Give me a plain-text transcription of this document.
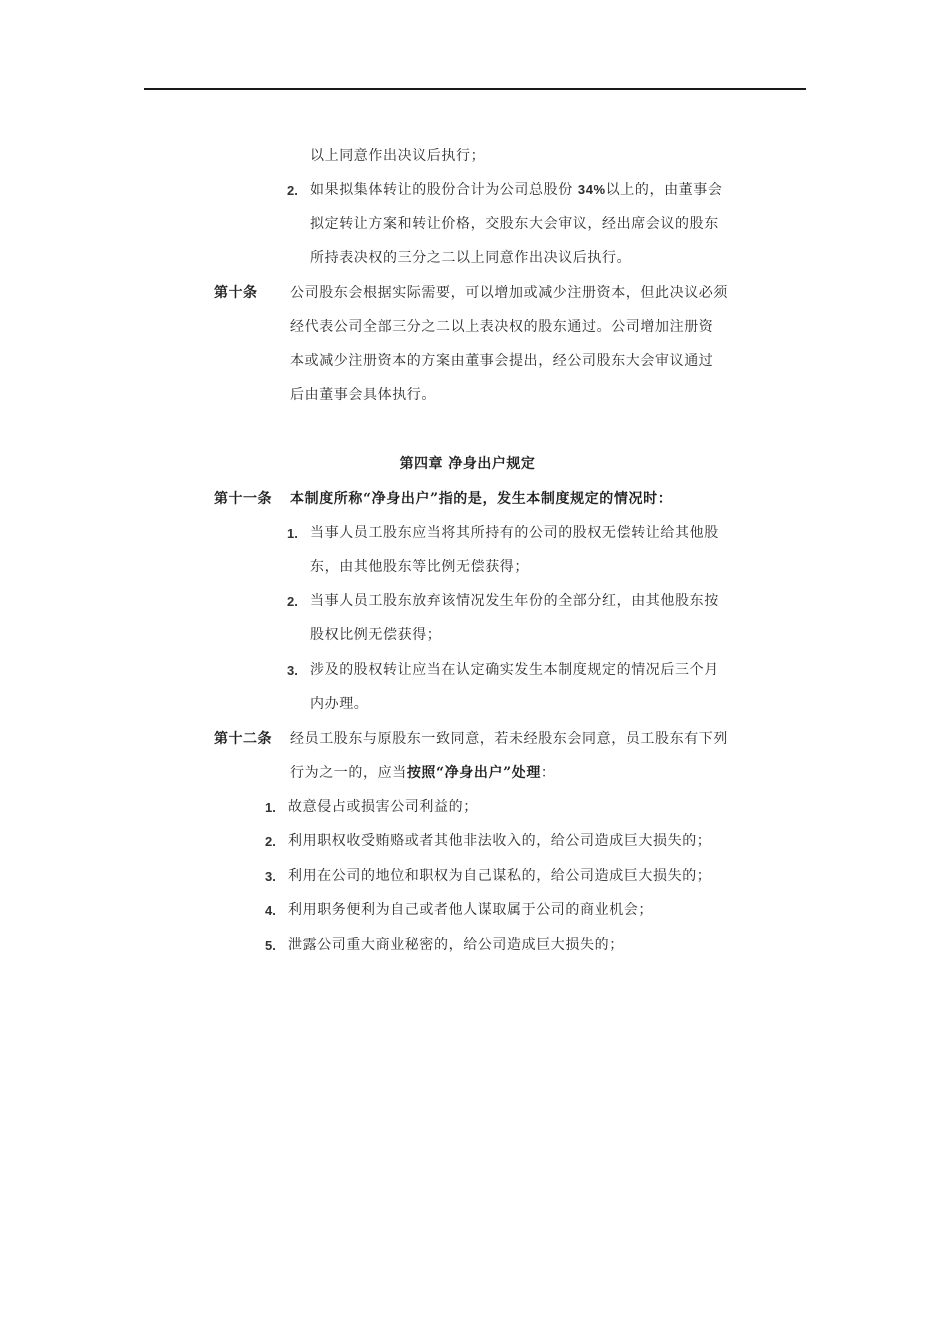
以上同意作出决议后执行；
2. 如果拟集体转让的股份合计为公司总股份 34%以上的，由董事会
拟定转让方案和转让价格，交股东大会审议，经出席会议的股东
所持表决权的三分之二以上同意作出决议后执行。
第十条 公司股东会根据实际需要，可以增加或减少注册资本，但此决议必须
经代表公司全部三分之二以上表决权的股东通过。公司增加注册资
本或减少注册资本的方案由董事会提出，经公司股东大会审议通过
后由董事会具体执行。
第四章 净身出户规定
第十一条 本制度所称“净身出户”指的是，发生本制度规定的情况时：
1. 当事人员工股东应当将其所持有的公司的股权无偿转让给其他股
东，由其他股东等比例无偿获得；
2. 当事人员工股东放弃该情况发生年份的全部分红，由其他股东按
股权比例无偿获得；
3. 涉及的股权转让应当在认定确实发生本制度规定的情况后三个月
内办理。
第十二条 经员工股东与原股东一致同意，若未经股东会同意，员工股东有下列
行为之一的，应当按照“净身出户”处理：
1. 故意侵占或损害公司利益的；
2. 利用职权收受贿赂或者其他非法收入的，给公司造成巨大损失的；
3. 利用在公司的地位和职权为自己谋私的，给公司造成巨大损失的；
4. 利用职务便利为自己或者他人谋取属于公司的商业机会；
5. 泄露公司重大商业秘密的，给公司造成巨大损失的；
